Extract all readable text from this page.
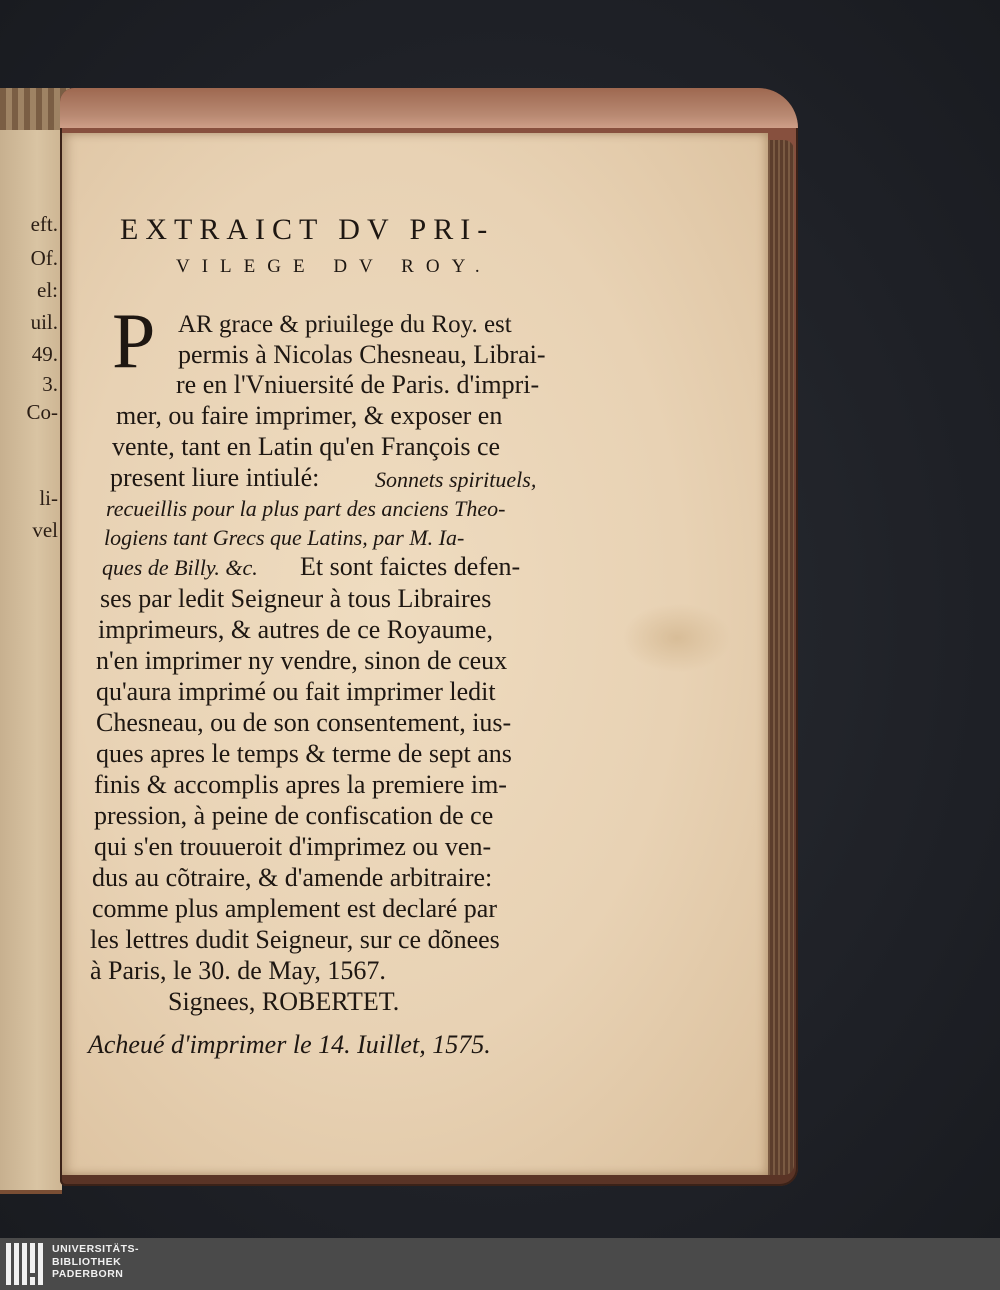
eft.
Of.
el:
uil.
49.
3.
Co-
li-
vel
EXTRAICT DV PRI-
VILEGE DV ROY.
P AR grace & priuilege du Roy. est
permis à Nicolas Chesneau, Librai-
re en l'Vniuersité de Paris. d'impri-
mer, ou faire imprimer, & exposer en
vente, tant en Latin qu'en François ce
present liure intiulé:	Sonnets spirituels,
recueillis pour la plus part des anciens Theo-
logiens tant Grecs que Latins, par M. Ia-
ques de Billy. &c. Et sont faictes defen-
ses par ledit Seigneur à tous Libraires
imprimeurs, & autres de ce Royaume,
n'en imprimer ny vendre, sinon de ceux
qu'aura imprimé ou fait imprimer ledit
Chesneau, ou de son consentement, ius-
ques apres le temps & terme de sept ans
finis & accomplis apres la premiere im-
pression, à peine de confiscation de ce
qui s'en trouueroit d'imprimez ou ven-
dus au cõtraire, & d'amende arbitraire:
comme plus amplement est declaré par
les lettres dudit Seigneur, sur ce dõnees
à Paris, le 30. de May, 1567.
Signees, ROBERTET.
Acheué d'imprimer le 14. Iuillet, 1575.
UNIVERSITÄTS-
BIBLIOTHEK
PADERBORN
